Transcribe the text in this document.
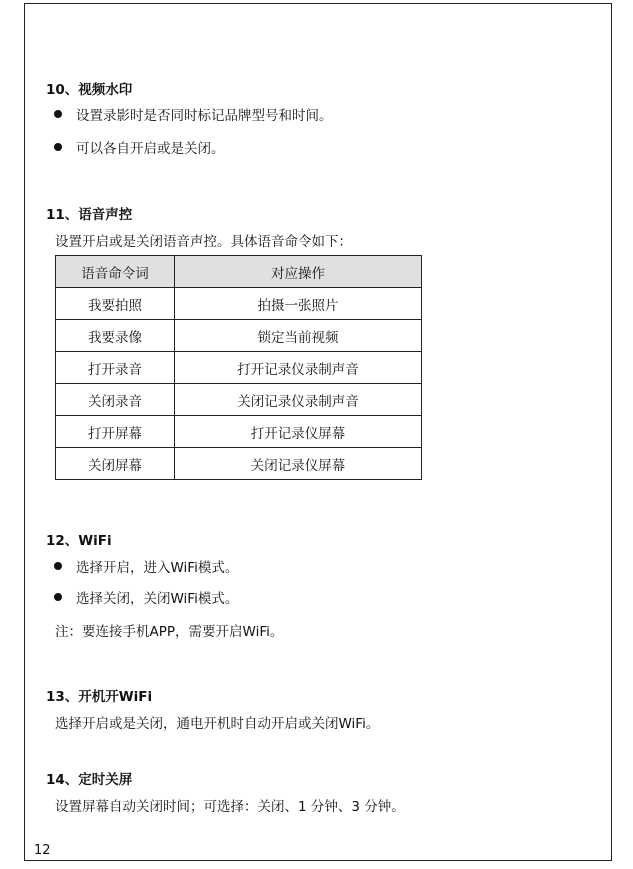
10、视频水印
设置录影时是否同时标记品牌型号和时间。
可以各自开启或是关闭。
11、语音声控
设置开启或是关闭语音声控。具体语音命令如下：
语音命令词	对应操作
我要拍照	拍摄一张照片
我要录像	锁定当前视频
打开录音	打开记录仪录制声音
关闭录音	关闭记录仪录制声音
打开屏幕	打开记录仪屏幕
关闭屏幕	关闭记录仪屏幕
12、WiFi
选择开启，进入WiFi模式。
选择关闭，关闭WiFi模式。
注：要连接手机APP，需要开启WiFi。
13、开机开WiFi
选择开启或是关闭，通电开机时自动开启或关闭WiFi。
14、定时关屏
设置屏幕自动关闭时间；可选择：关闭、1 分钟、3 分钟。
12
